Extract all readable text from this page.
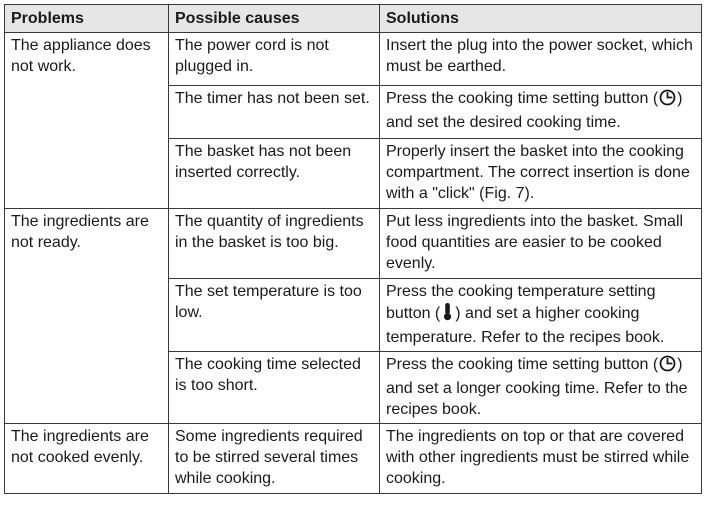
Problems	Possible causes	Solutions
The appliance does not work.	The power cord is not plugged in.	Insert the plug into the power socket, which must be earthed.
	The timer has not been set.	Press the cooking time setting button ( ) and set the desired cooking time.
	The basket has not been inserted correctly.	Properly insert the basket into the cooking compartment. The correct insertion is done with a "click" (Fig. 7).
The ingredients are not ready.	The quantity of ingredients in the basket is too big.	Put less ingredients into the basket. Small food quantities are easier to be cooked evenly.
	The set temperature is too low.	Press the cooking temperature setting button ( ) and set a higher cooking temperature. Refer to the recipes book.
	The cooking time selected is too short.	Press the cooking time setting button ( ) and set a longer cooking time. Refer to the recipes book.
The ingredients are not cooked evenly.	Some ingredients required to be stirred several times while cooking.	The ingredients on top or that are covered with other ingredients must be stirred while cooking.
